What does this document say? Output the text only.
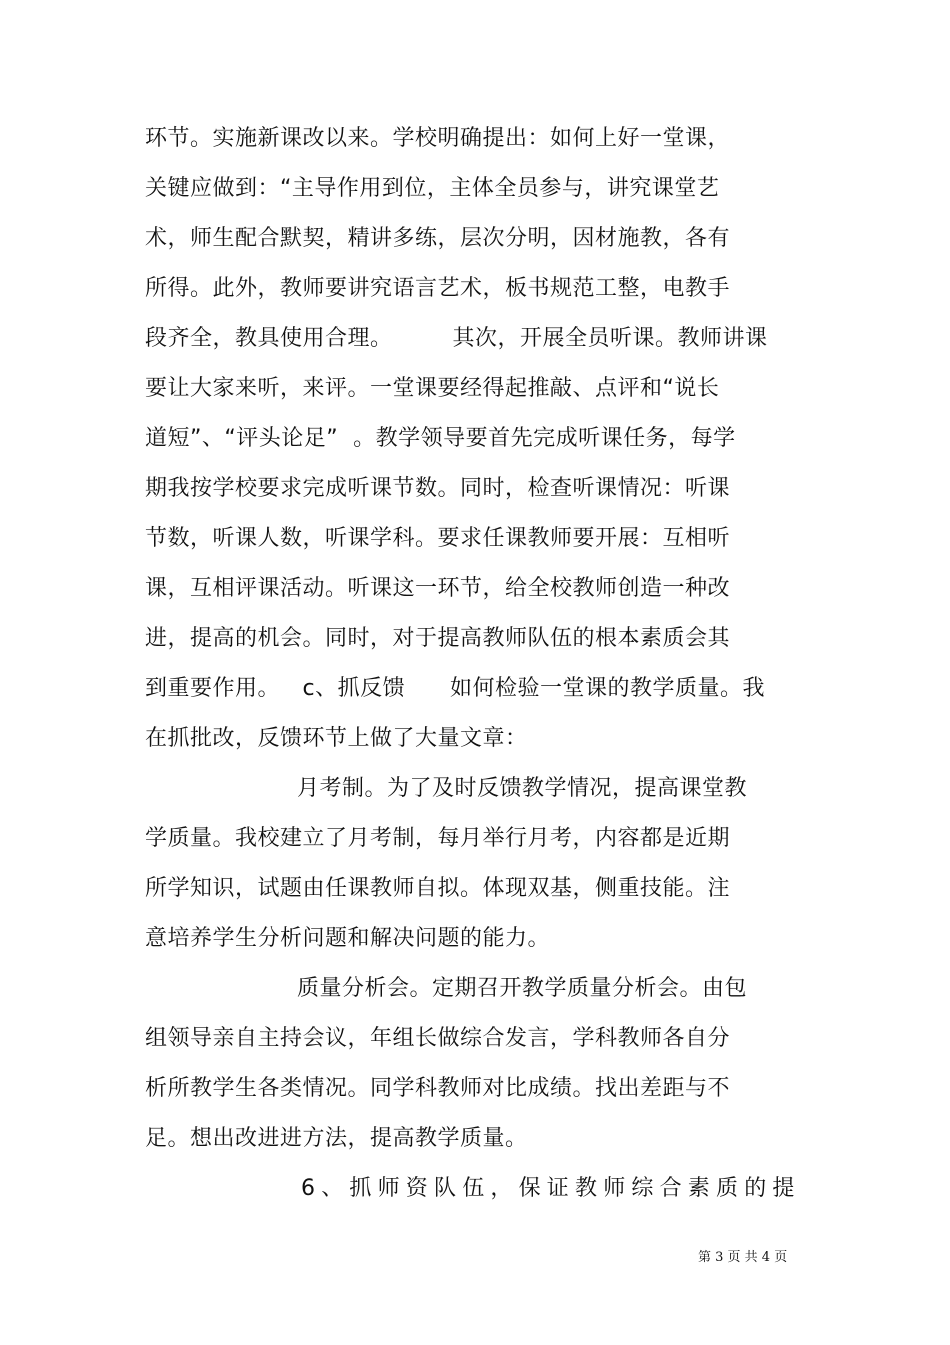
环节。实施新课改以来。学校明确提出：如何上好一堂课，
关键应做到：“主导作用到位，主体全员参与，讲究课堂艺
术，师生配合默契，精讲多练，层次分明，因材施教，各有
所得。此外，教师要讲究语言艺术，板书规范工整，电教手
段齐全，教具使用合理。        其次，开展全员听课。教师讲课
要让大家来听，来评。一堂课要经得起推敲、点评和“说长
道短”、“评头论足”  。教学领导要首先完成听课任务，每学
期我按学校要求完成听课节数。同时，检查听课情况：听课
节数，听课人数，听课学科。要求任课教师要开展：互相听
课，互相评课活动。听课这一环节，给全校教师创造一种改
进，提高的机会。同时，对于提高教师队伍的根本素质会其
到重要作用。   c、抓反馈      如何检验一堂课的教学质量。我
在抓批改，反馈环节上做了大量文章：
月考制。为了及时反馈教学情况，提高课堂教
学质量。我校建立了月考制，每月举行月考，内容都是近期
所学知识，试题由任课教师自拟。体现双基，侧重技能。注
意培养学生分析问题和解决问题的能力。
质量分析会。定期召开教学质量分析会。由包
组领导亲自主持会议，年组长做综合发言，学科教师各自分
析所教学生各类情况。同学科教师对比成绩。找出差距与不
足。想出改进进方法，提高教学质量。
6、抓师资队伍，保证教师综合素质的提
第 3 页 共 4 页
